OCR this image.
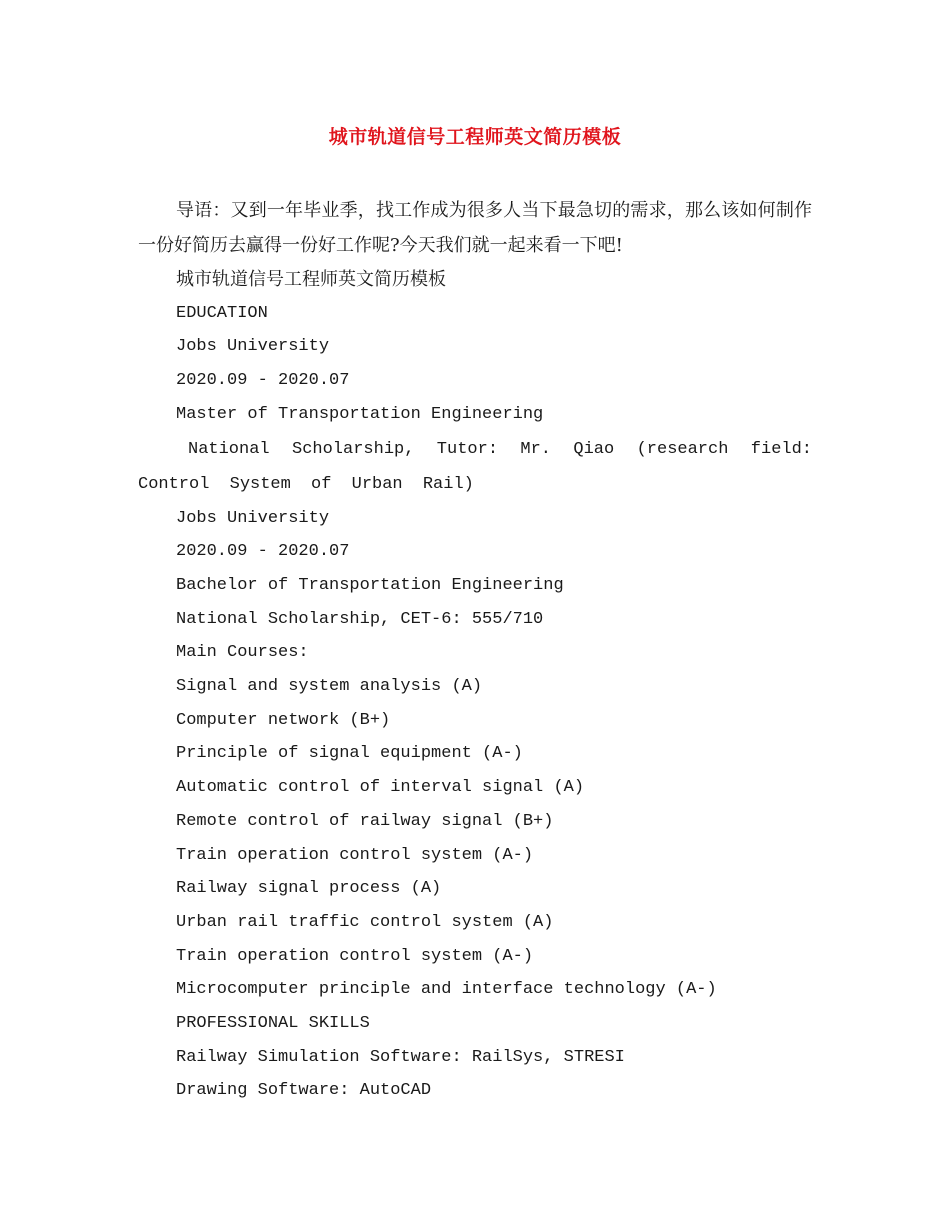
城市轨道信号工程师英文简历模板

导语：又到一年毕业季，找工作成为很多人当下最急切的需求，那么该如何制作一份好简历去赢得一份好工作呢?今天我们就一起来看一下吧!

城市轨道信号工程师英文简历模板

EDUCATION

Jobs University

2020.09 - 2020.07

Master of Transportation Engineering

National Scholarship, Tutor: Mr. Qiao (research field: Control System of Urban Rail)

Jobs University

2020.09 - 2020.07

Bachelor of Transportation Engineering

National Scholarship, CET-6: 555/710

Main Courses:

Signal and system analysis (A)

Computer network (B+)

Principle of signal equipment (A-)

Automatic control of interval signal (A)

Remote control of railway signal (B+)

Train operation control system (A-)

Railway signal process (A)

Urban rail traffic control system (A)

Train operation control system (A-)

Microcomputer principle and interface technology (A-)

PROFESSIONAL SKILLS

Railway Simulation Software: RailSys, STRESI

Drawing Software: AutoCAD
